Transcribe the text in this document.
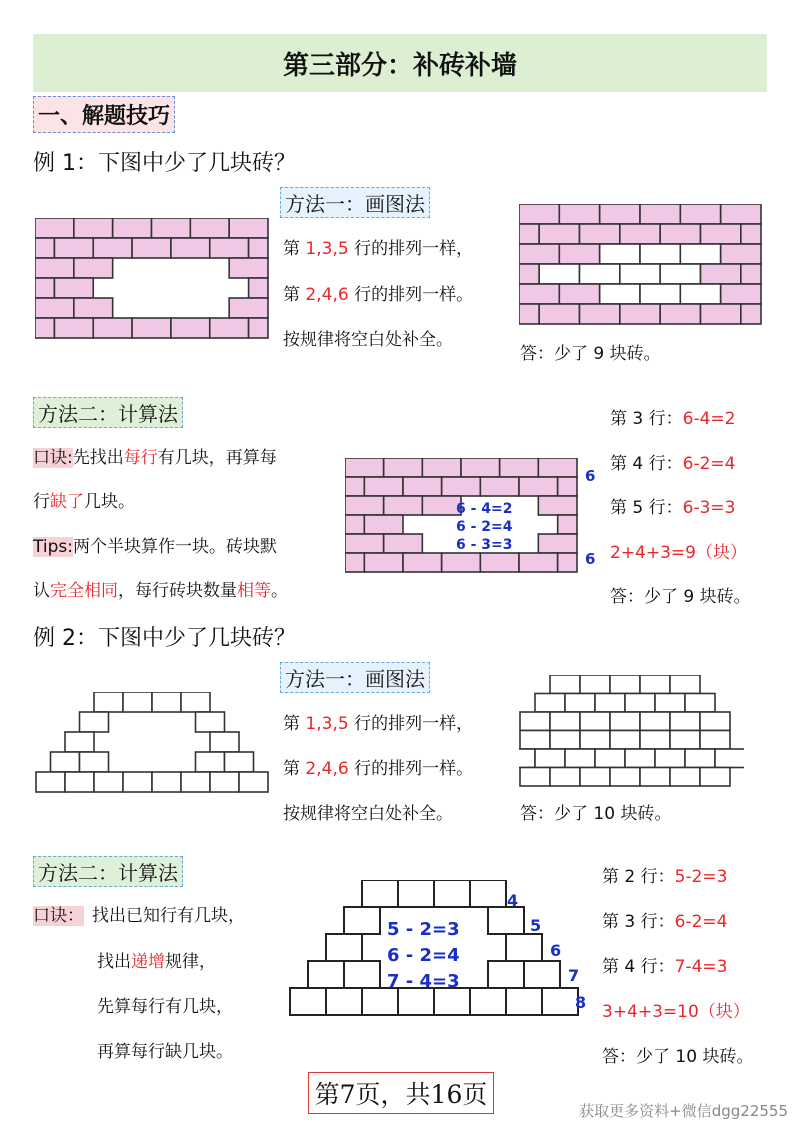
第三部分：补砖补墙
一、解题技巧
例 1：下图中少了几块砖？
方法一：画图法
第 1,3,5 行的排列一样，
第 2,4,6 行的排列一样。
按规律将空白处补全。
答：少了 9 块砖。
方法二：计算法
口诀:先找出每行有几块，再算每
行缺了几块。
Tips:两个半块算作一块。砖块默
认完全相同，每行砖块数量相等。
6 - 4=2
6 - 2=4
6 - 3=3
6
6
第 3 行：6-4=2
第 4 行：6-2=4
第 5 行：6-3=3
2+4+3=9（块）
答：少了 9 块砖。
例 2：下图中少了几块砖？
方法一：画图法
第 1,3,5 行的排列一样，
第 2,4,6 行的排列一样。
按规律将空白处补全。	答：少了 10 块砖。
方法二：计算法
口诀： 找出已知行有几块，
找出递增规律，
先算每行有几块，
再算每行缺几块。
5 - 2=3
6 - 2=4
7 - 4=3
4
5
6
7
8
第 2 行：5-2=3
第 3 行：6-2=4
第 4 行：7-4=3
3+4+3=10（块）
答：少了 10 块砖。
第7页，共16页
获取更多资料+微信dgg22555
